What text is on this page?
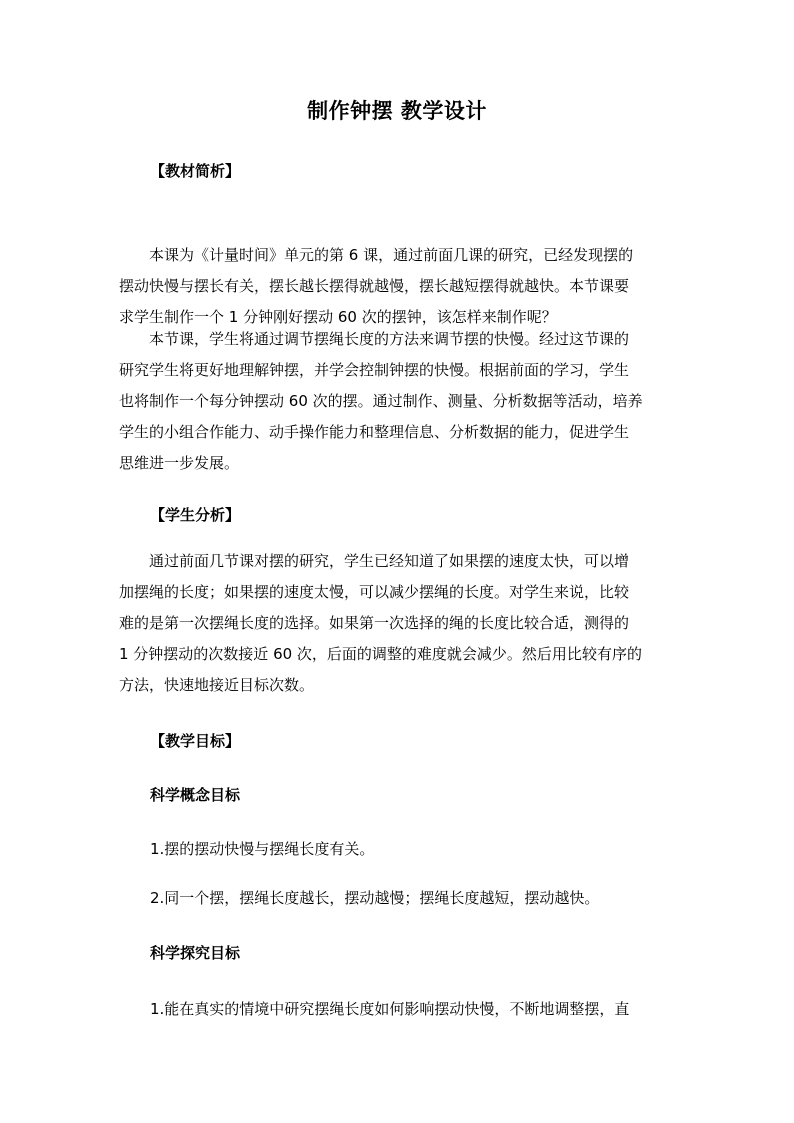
制作钟摆 教学设计
【教材简析】
本课为《计量时间》单元的第 6 课，通过前面几课的研究，已经发现摆的
摆动快慢与摆长有关，摆长越长摆得就越慢，摆长越短摆得就越快。本节课要
求学生制作一个 1 分钟刚好摆动 60 次的摆钟，该怎样来制作呢？
本节课，学生将通过调节摆绳长度的方法来调节摆的快慢。经过这节课的
研究学生将更好地理解钟摆，并学会控制钟摆的快慢。根据前面的学习，学生
也将制作一个每分钟摆动 60 次的摆。通过制作、测量、分析数据等活动，培养
学生的小组合作能力、动手操作能力和整理信息、分析数据的能力，促进学生
思维进一步发展。
【学生分析】
通过前面几节课对摆的研究，学生已经知道了如果摆的速度太快，可以增
加摆绳的长度；如果摆的速度太慢，可以减少摆绳的长度。对学生来说，比较
难的是第一次摆绳长度的选择。如果第一次选择的绳的长度比较合适，测得的
1 分钟摆动的次数接近 60 次，后面的调整的难度就会减少。然后用比较有序的
方法，快速地接近目标次数。
【教学目标】
科学概念目标
1.摆的摆动快慢与摆绳长度有关。
2.同一个摆，摆绳长度越长，摆动越慢；摆绳长度越短，摆动越快。
科学探究目标
1.能在真实的情境中研究摆绳长度如何影响摆动快慢，不断地调整摆，直
